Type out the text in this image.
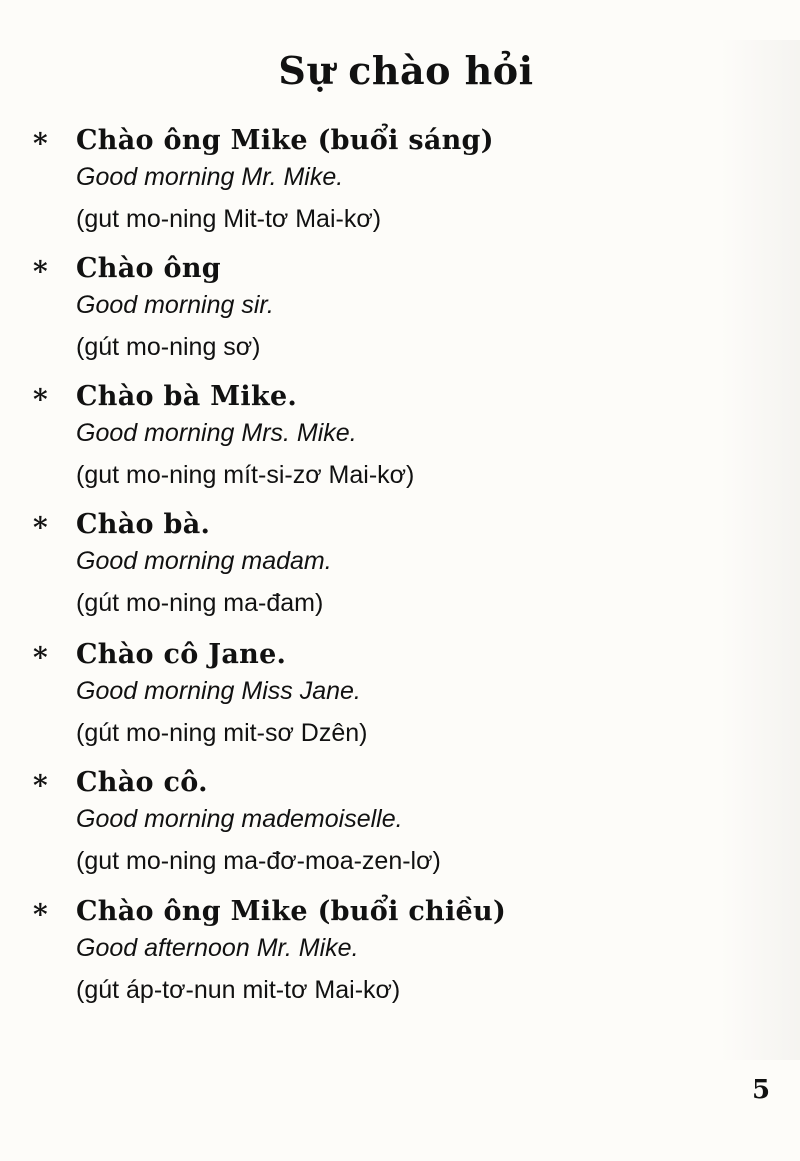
Sự chào hỏi
* Chào ông Mike (buổi sáng)
Good morning Mr. Mike.
(gut mo-ning Mit-tơ Mai-kơ)
* Chào ông
Good morning sir.
(gút mo-ning sơ)
* Chào bà Mike.
Good morning Mrs. Mike.
(gut mo-ning mít-si-zơ Mai-kơ)
* Chào bà.
Good morning madam.
(gút mo-ning ma-đam)
* Chào cô Jane.
Good morning Miss Jane.
(gút mo-ning mit-sơ Dzên)
* Chào cô.
Good morning mademoiselle.
(gut mo-ning ma-đơ-moa-zen-lơ)
* Chào ông Mike (buổi chiều)
Good afternoon Mr. Mike.
(gút áp-tơ-nun mit-tơ Mai-kơ)
5
